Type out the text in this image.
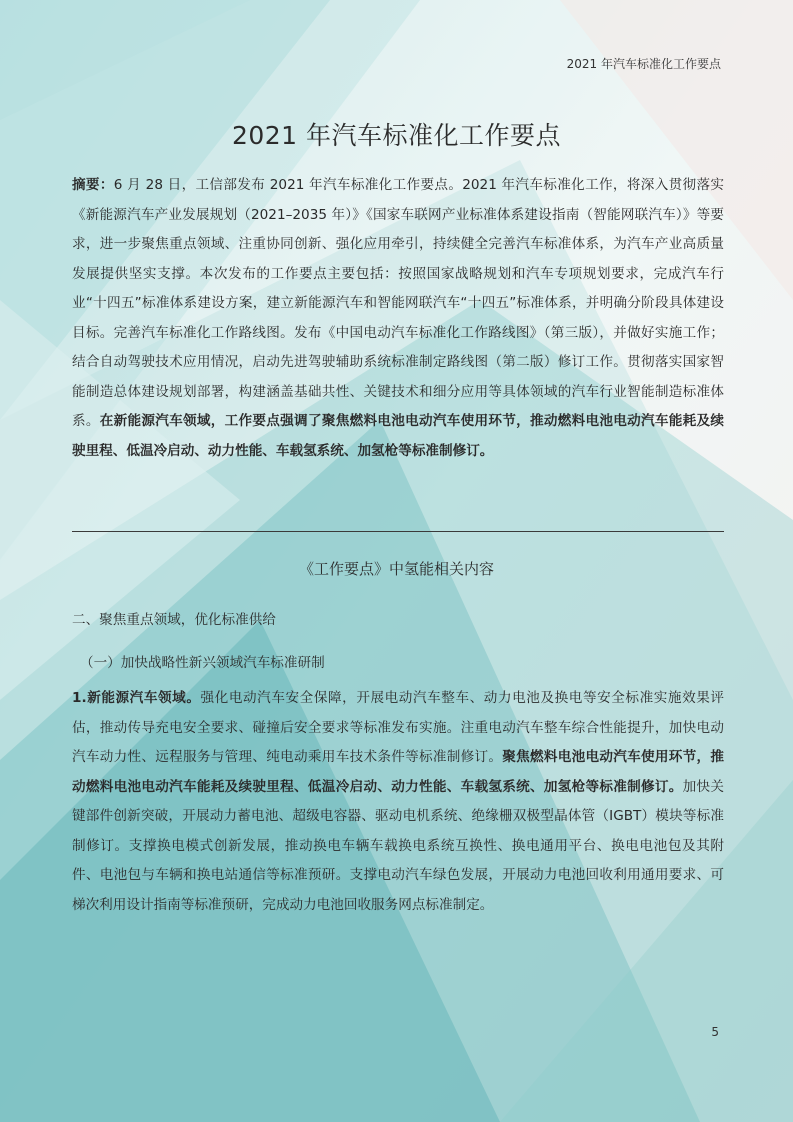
2021 年汽车标准化工作要点
2021 年汽车标准化工作要点
摘要：6 月 28 日，工信部发布 2021 年汽车标准化工作要点。2021 年汽车标准化工作，将深入贯彻落实《新能源汽车产业发展规划（2021–2035 年）》《国家车联网产业标准体系建设指南（智能网联汽车）》等要求，进一步聚焦重点领域、注重协同创新、强化应用牵引，持续健全完善汽车标准体系，为汽车产业高质量发展提供坚实支撑。本次发布的工作要点主要包括：按照国家战略规划和汽车专项规划要求，完成汽车行业“十四五”标准体系建设方案，建立新能源汽车和智能网联汽车“十四五”标准体系，并明确分阶段具体建设目标。完善汽车标准化工作路线图。发布《中国电动汽车标准化工作路线图》（第三版），并做好实施工作；结合自动驾驶技术应用情况，启动先进驾驶辅助系统标准制定路线图（第二版）修订工作。贯彻落实国家智能制造总体建设规划部署，构建涵盖基础共性、关键技术和细分应用等具体领域的汽车行业智能制造标准体系。在新能源汽车领域，工作要点强调了聚焦燃料电池电动汽车使用环节，推动燃料电池电动汽车能耗及续驶里程、低温冷启动、动力性能、车载氢系统、加氢枪等标准制修订。
《工作要点》中氢能相关内容
二、聚焦重点领域，优化标准供给
（一）加快战略性新兴领域汽车标准研制
1.新能源汽车领域。强化电动汽车安全保障，开展电动汽车整车、动力电池及换电等安全标准实施效果评估，推动传导充电安全要求、碰撞后安全要求等标准发布实施。注重电动汽车整车综合性能提升，加快电动汽车动力性、远程服务与管理、纯电动乘用车技术条件等标准制修订。聚焦燃料电池电动汽车使用环节，推动燃料电池电动汽车能耗及续驶里程、低温冷启动、动力性能、车载氢系统、加氢枪等标准制修订。加快关键部件创新突破，开展动力蓄电池、超级电容器、驱动电机系统、绝缘栅双极型晶体管（IGBT）模块等标准制修订。支撑换电模式创新发展，推动换电车辆车载换电系统互换性、换电通用平台、换电电池包及其附件、电池包与车辆和换电站通信等标准预研。支撑电动汽车绿色发展，开展动力电池回收利用通用要求、可梯次利用设计指南等标准预研，完成动力电池回收服务网点标准制定。
5
